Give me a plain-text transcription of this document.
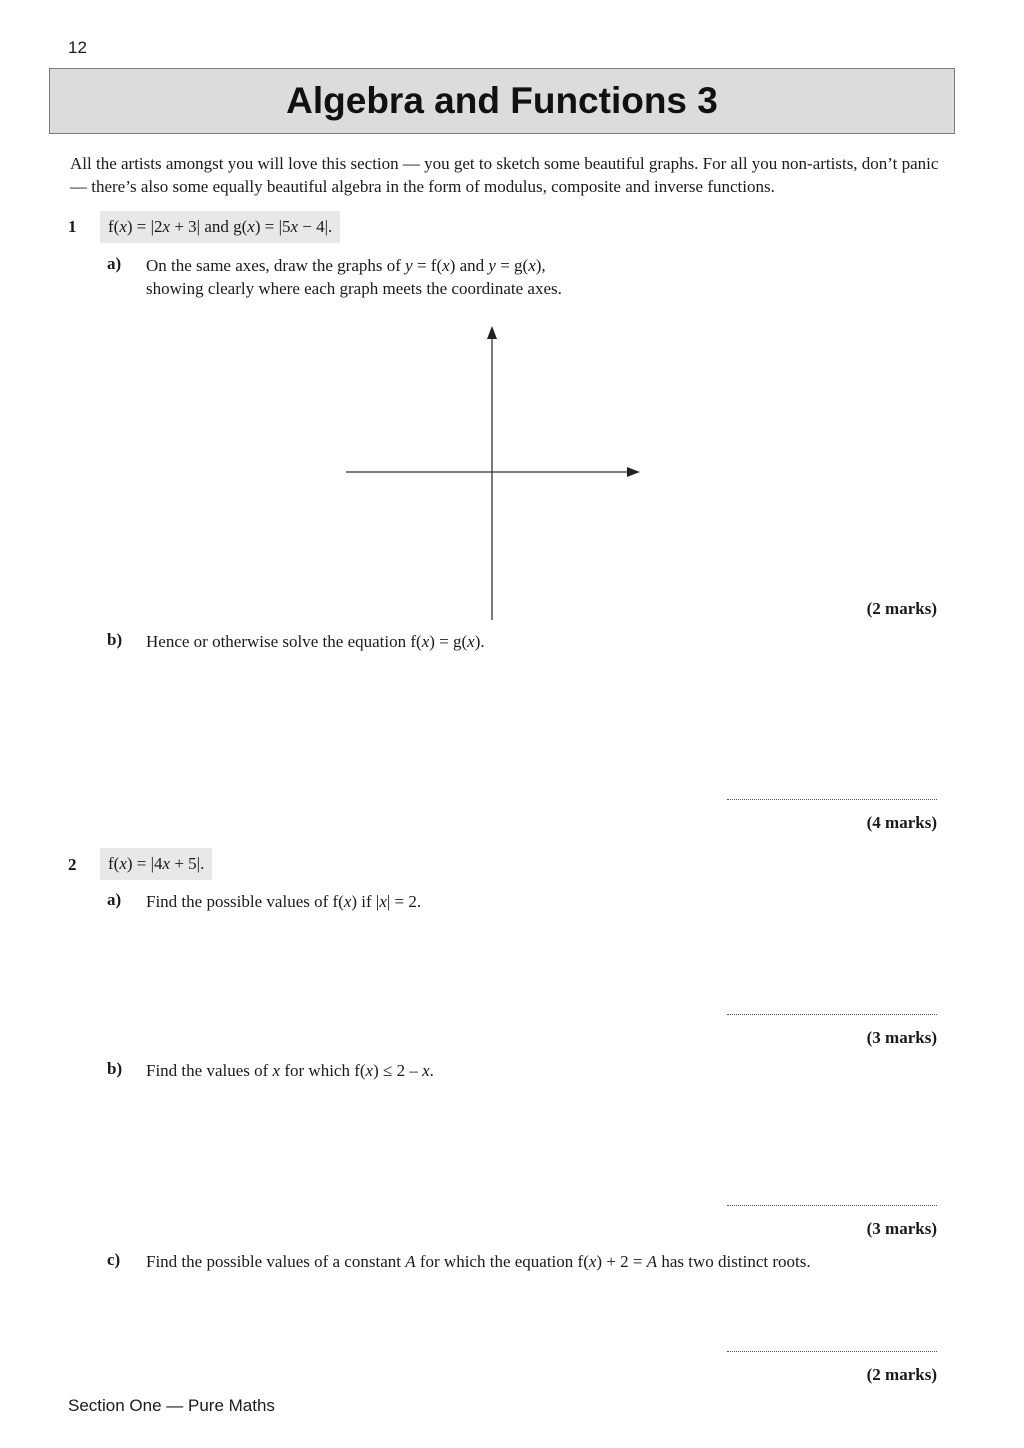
12
Algebra and Functions 3
All the artists amongst you will love this section — you get to sketch some beautiful graphs. For all you non-artists, don’t panic — there’s also some equally beautiful algebra in the form of modulus, composite and inverse functions.
1	f(x) = |2x + 3| and g(x) = |5x − 4|.
a) On the same axes, draw the graphs of y = f(x) and y = g(x),
showing clearly where each graph meets the coordinate axes.
(2 marks)
b) Hence or otherwise solve the equation f(x) = g(x).
(4 marks)
2	f(x) = |4x + 5|.
a) Find the possible values of f(x) if |x| = 2.
(3 marks)
b) Find the values of x for which f(x) ≤ 2 – x.
(3 marks)
c) Find the possible values of a constant A for which the equation f(x) + 2 = A has two distinct roots.
(2 marks)
Section One — Pure Maths
